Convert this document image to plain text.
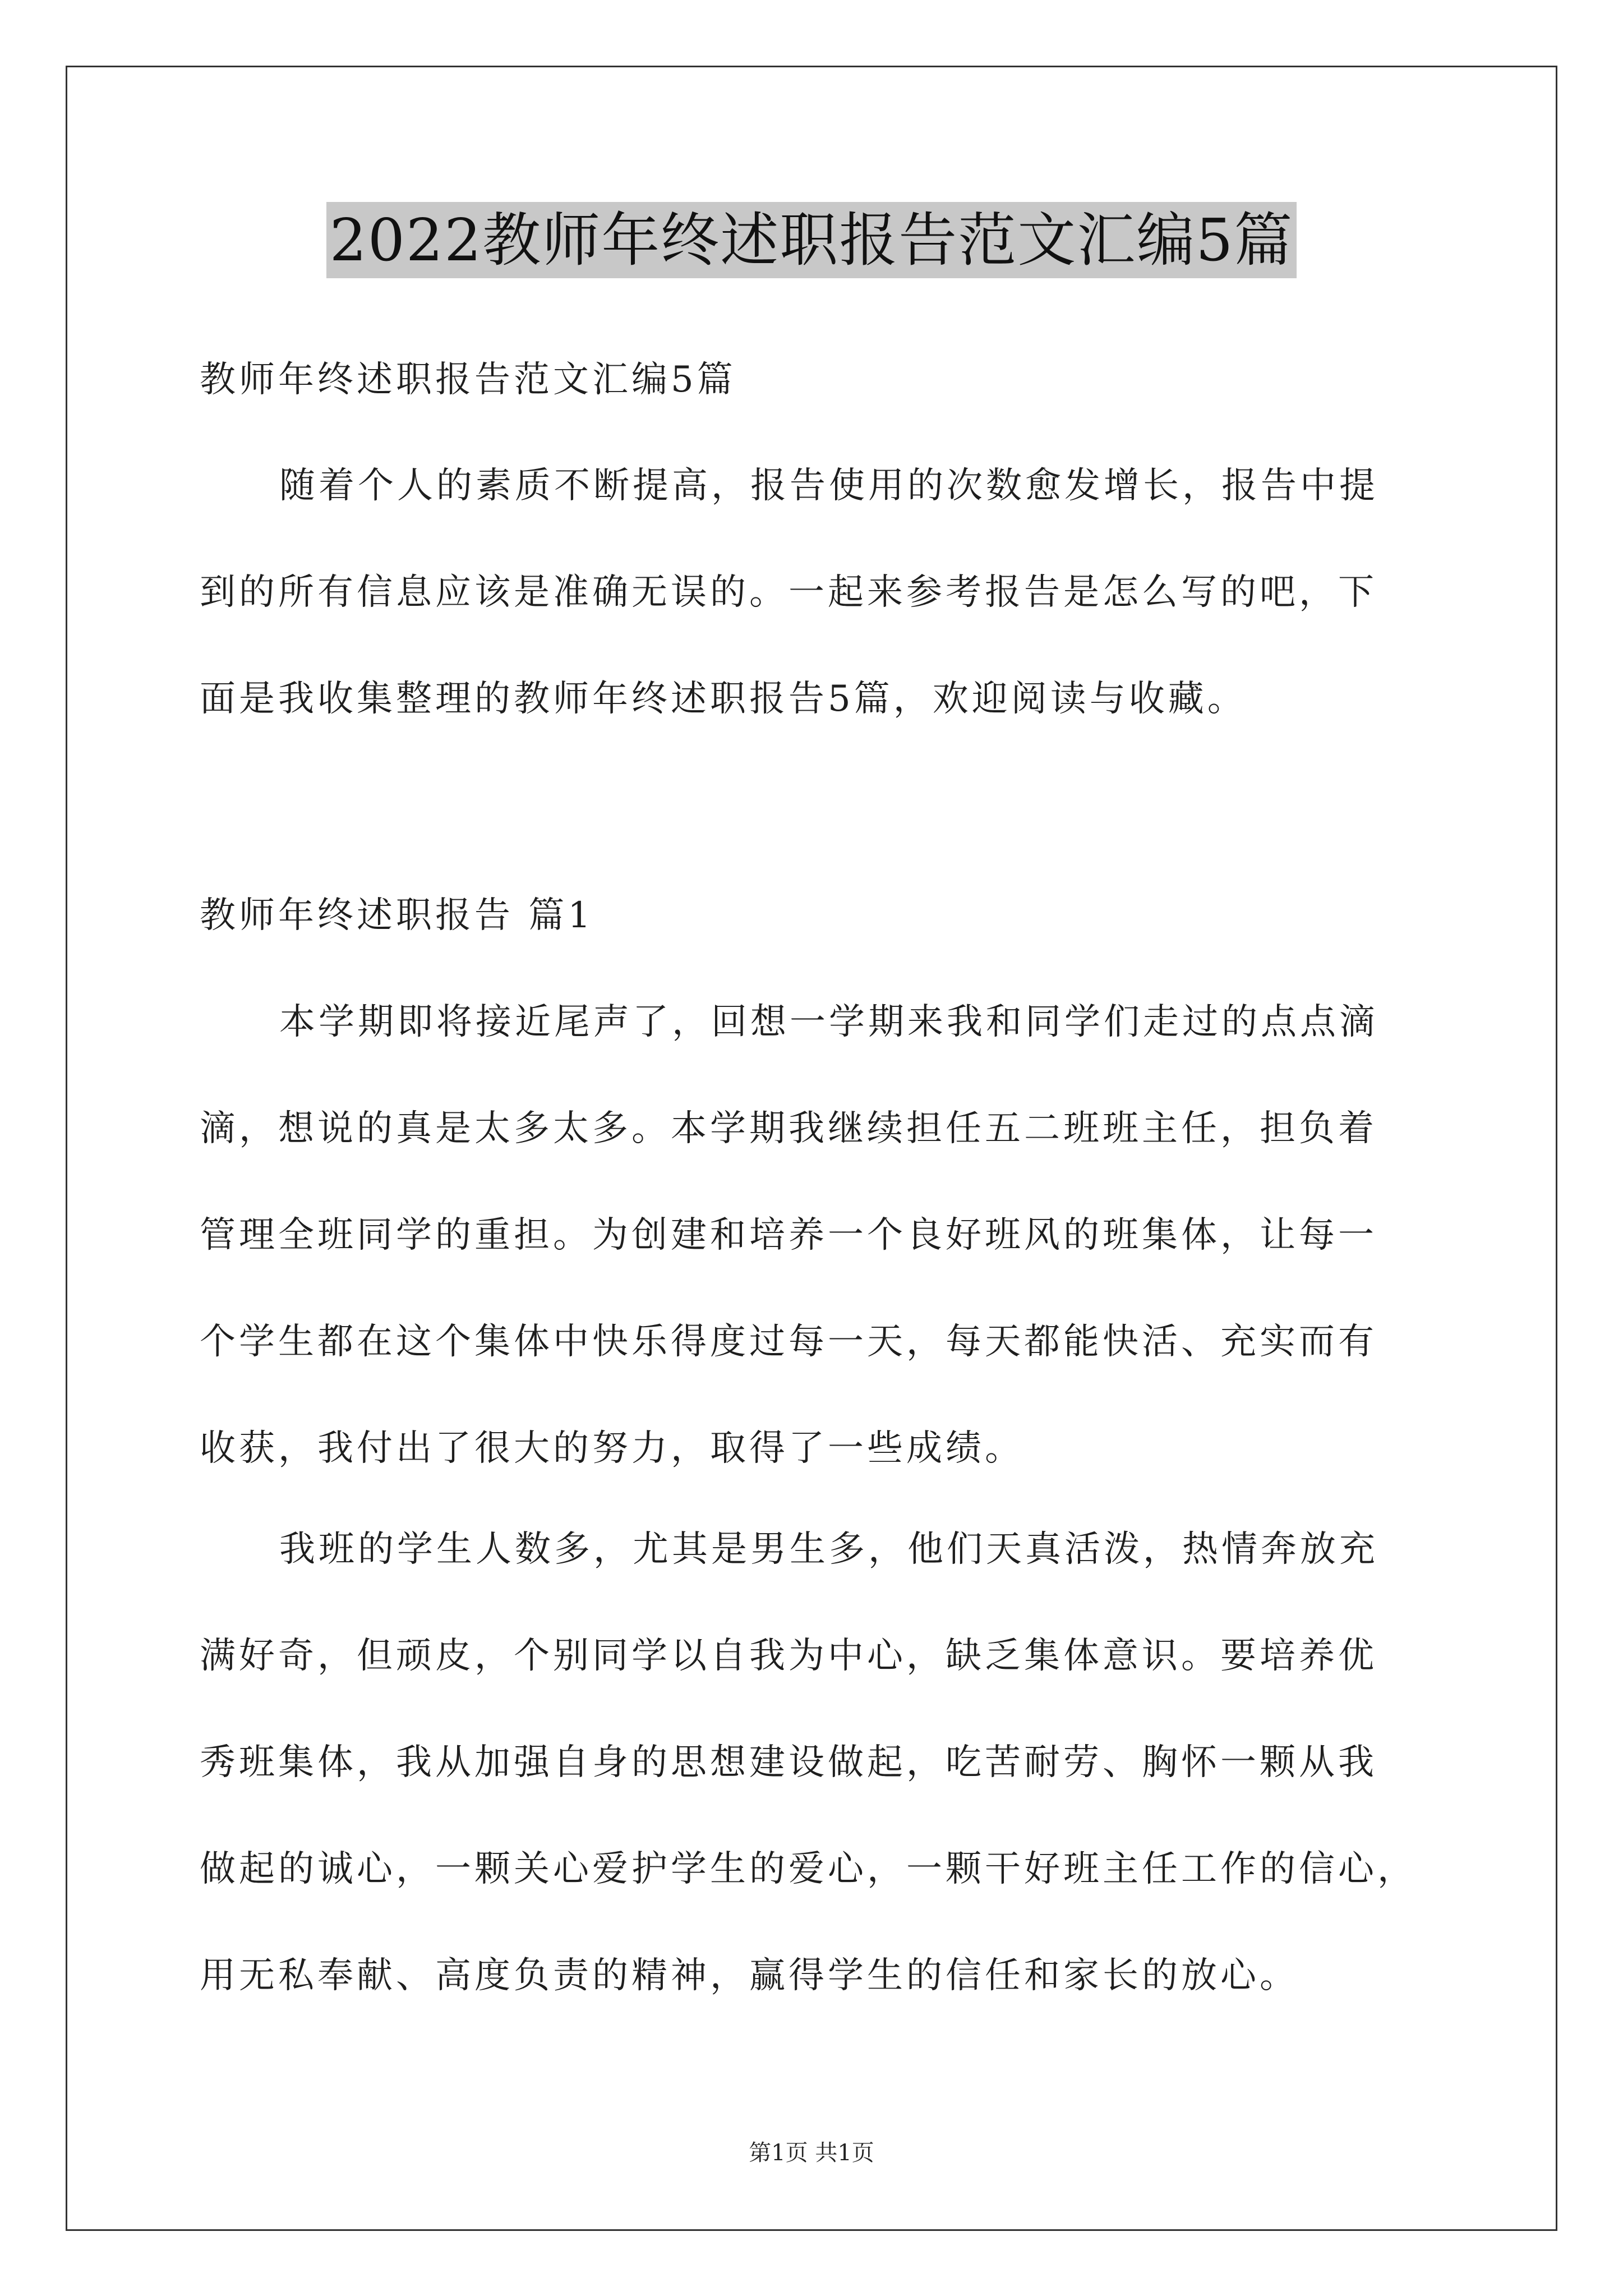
2022教师年终述职报告范文汇编5篇
教师年终述职报告范文汇编5篇
随着个人的素质不断提高，报告使用的次数愈发增长，报告中提
到的所有信息应该是准确无误的。一起来参考报告是怎么写的吧，下
面是我收集整理的教师年终述职报告5篇，欢迎阅读与收藏。
教师年终述职报告 篇1
本学期即将接近尾声了，回想一学期来我和同学们走过的点点滴
滴，想说的真是太多太多。本学期我继续担任五二班班主任，担负着
管理全班同学的重担。为创建和培养一个良好班风的班集体，让每一
个学生都在这个集体中快乐得度过每一天，每天都能快活、充实而有
收获，我付出了很大的努力，取得了一些成绩。
我班的学生人数多，尤其是男生多，他们天真活泼，热情奔放充
满好奇，但顽皮，个别同学以自我为中心，缺乏集体意识。要培养优
秀班集体，我从加强自身的思想建设做起，吃苦耐劳、胸怀一颗从我
做起的诚心，一颗关心爱护学生的爱心，一颗干好班主任工作的信心，
用无私奉献、高度负责的精神，赢得学生的信任和家长的放心。
第1页 共1页
